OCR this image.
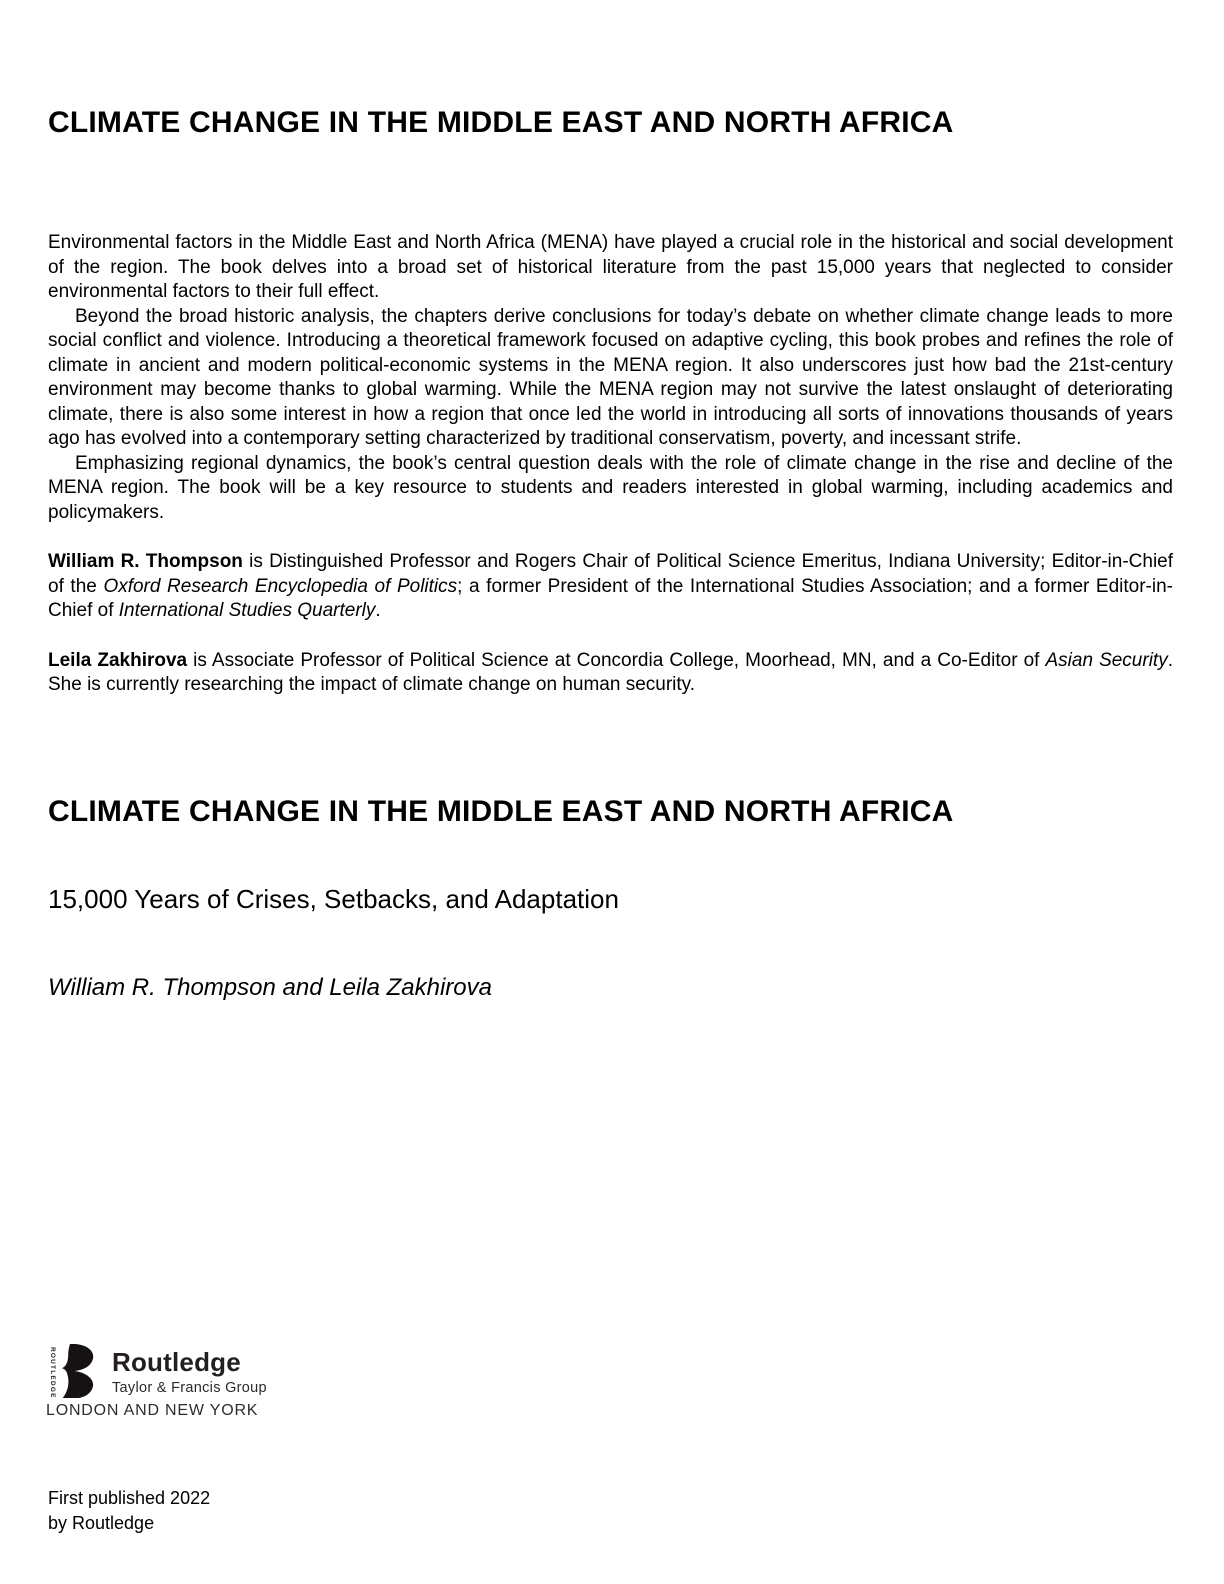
CLIMATE CHANGE IN THE MIDDLE EAST AND NORTH AFRICA

Environmental factors in the Middle East and North Africa (MENA) have played a crucial role in the historical and social development of the region. The book delves into a broad set of historical literature from the past 15,000 years that neglected to consider environmental factors to their full effect.

Beyond the broad historic analysis, the chapters derive conclusions for today’s debate on whether climate change leads to more social conflict and violence. Introducing a theoretical framework focused on adaptive cycling, this book probes and refines the role of climate in ancient and modern political-economic systems in the MENA region. It also underscores just how bad the 21st-century environment may become thanks to global warming. While the MENA region may not survive the latest onslaught of deteriorating climate, there is also some interest in how a region that once led the world in introducing all sorts of innovations thousands of years ago has evolved into a contemporary setting characterized by traditional conservatism, poverty, and incessant strife.

Emphasizing regional dynamics, the book’s central question deals with the role of climate change in the rise and decline of the MENA region. The book will be a key resource to students and readers interested in global warming, including academics and policymakers.

William R. Thompson is Distinguished Professor and Rogers Chair of Political Science Emeritus, Indiana University; Editor-in-Chief of the Oxford Research Encyclopedia of Politics; a former President of the International Studies Association; and a former Editor-in-Chief of International Studies Quarterly.

Leila Zakhirova is Associate Professor of Political Science at Concordia College, Moorhead, MN, and a Co-Editor of Asian Security. She is currently researching the impact of climate change on human security.

CLIMATE CHANGE IN THE MIDDLE EAST AND NORTH AFRICA
15,000 Years of Crises, Setbacks, and Adaptation
William R. Thompson and Leila Zakhirova
ROUTLEDGE Routledge
Taylor & Francis Group
LONDON AND NEW YORK
First published 2022
by Routledge
